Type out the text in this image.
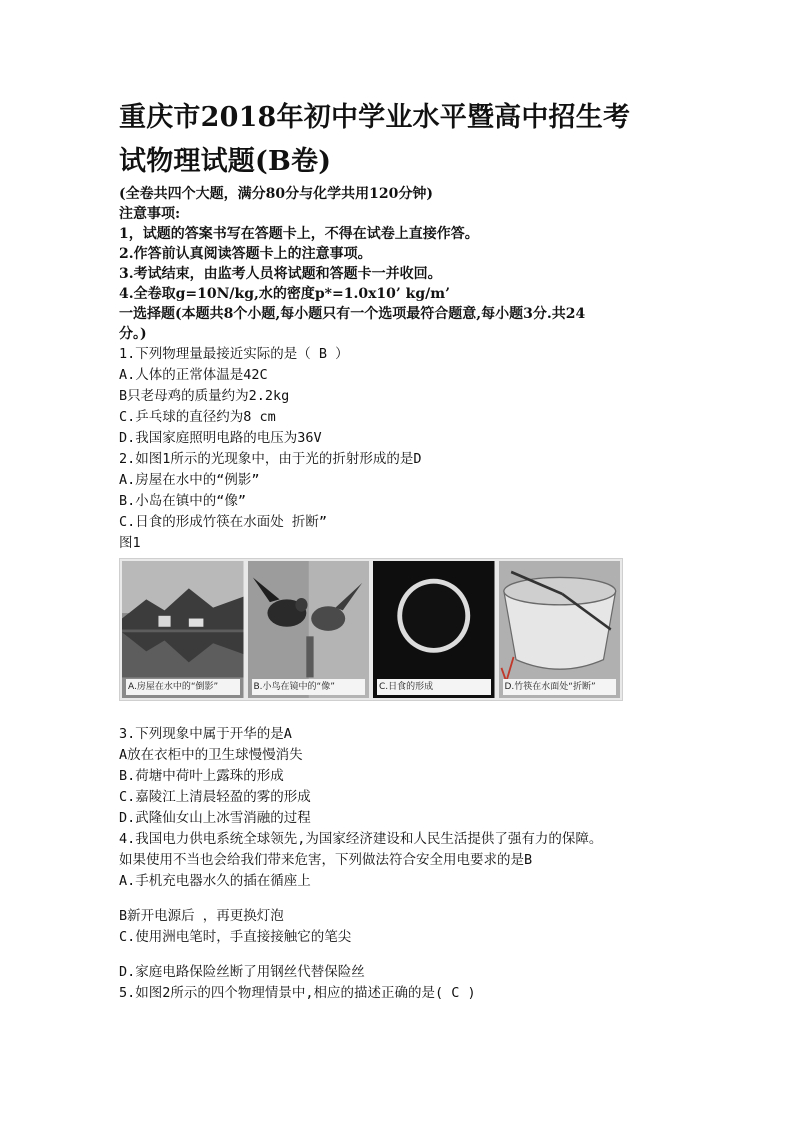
重庆市2018年初中学业水平暨高中招生考
试物理试题(B卷)
(全卷共四个大题，满分80分与化学共用120分钟)
注意事项:
1，试题的答案书写在答题卡上，不得在试卷上直接作答。
2.作答前认真阅读答题卡上的注意事项。
3.考试结束，由监考人员将试题和答题卡一并收回。
4.全卷取g=10N/kg,水的密度p*=1.0x10’ kg/m’
一选择题(本题共8个小题,每小题只有一个选项最符合题意,每小题3分.共24
分。)
1.下列物理量最接近实际的是（ B ）
A.人体的正常体温是42C
B只老母鸡的质量约为2.2kg
C.乒乓球的直径约为8 cm
D.我国家庭照明电路的电压为36V
2.如图1所示的光现象中，由于光的折射形成的是D
A.房屋在水中的“例影”
B.小岛在镇中的“像”
C.日食的形成竹筷在水面处 折断”
图1
A.房屋在水中的“倒影”	B.小鸟在镜中的“像”	C.日食的形成	D.竹筷在水面处“折断”
3.下列现象中属于开华的是A
A放在衣柜中的卫生球慢慢消失
B.荷塘中荷叶上露珠的形成
C.嘉陵江上清晨轻盈的雾的形成
D.武隆仙女山上冰雪消融的过程
4.我国电力供电系统全球领先,为国家经济建设和人民生活提供了强有力的保障。
如果使用不当也会给我们带来危害，下列做法符合安全用电要求的是B
A.手机充电器水久的插在循座上
B新开电源后 ，再更换灯泡
C.使用洲电笔时，手直接接触它的笔尖
D.家庭电路保险丝断了用钢丝代替保险丝
5.如图2所示的四个物理情景中,相应的描述正确的是( C )
